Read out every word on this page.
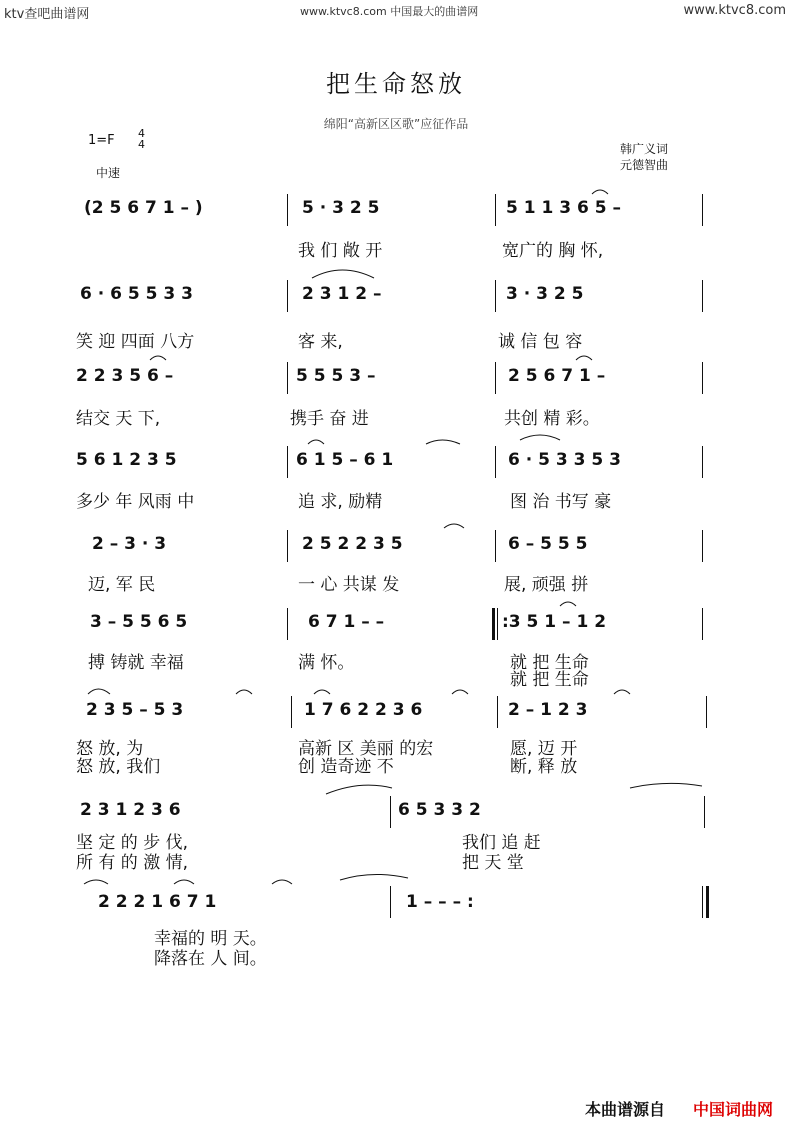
ktv查吧曲谱网	www.ktvc8.com 中国最大的曲谱网	www.ktvc8.com
把生命怒放
绵阳“高新区区歌”应征作品
1=F 4
4
中速
韩广义词
元德智曲
(2 5 6 7 1 – )	5 · 3 2 5	5 1 1 3 6 5 –
我 们 敞 开	宽广的 胸 怀,
6 · 6 5 5 3 3	2 3 1 2 –	3 · 3 2 5
笑 迎 四面 八方	客 来,	诚 信 包 容
2 2 3 5 6 –	5 5 5 3 –	2 5 6 7 1 –
结交 天 下,	携手 奋 进	共创 精 彩。
5 6 1 2 3 5	6 1 5 – 6 1	6 · 5 3 3 5 3
多少 年 风雨 中	追 求, 励精	图 治 书写 豪
2 – 3 · 3	2 5 2 2 3 5	6 – 5 5 5
迈, 军 民	一 心 共谋 发	展, 顽强 拼
3 – 5 5 6 5	6 7 1 – –	:3 5 1 – 1 2
搏 铸就 幸福	满 怀。	就 把 生命
就 把 生命
2 3 5 – 5 3	1 7 6 2 2 3 6	2 – 1 2 3
怒 放, 为	高新 区 美丽 的宏	愿, 迈 开
怒 放, 我们	创 造奇迹 不	断, 释 放
2 3 1 2 3 6	6 5 3 3 2
坚 定 的 步 伐,	我们 追 赶
所 有 的 激 情,	把 天 堂
2 2 2 1 6 7 1	1 – – – :
幸福的 明 天。
降落在 人 间。
本曲谱源自 中国词曲网
